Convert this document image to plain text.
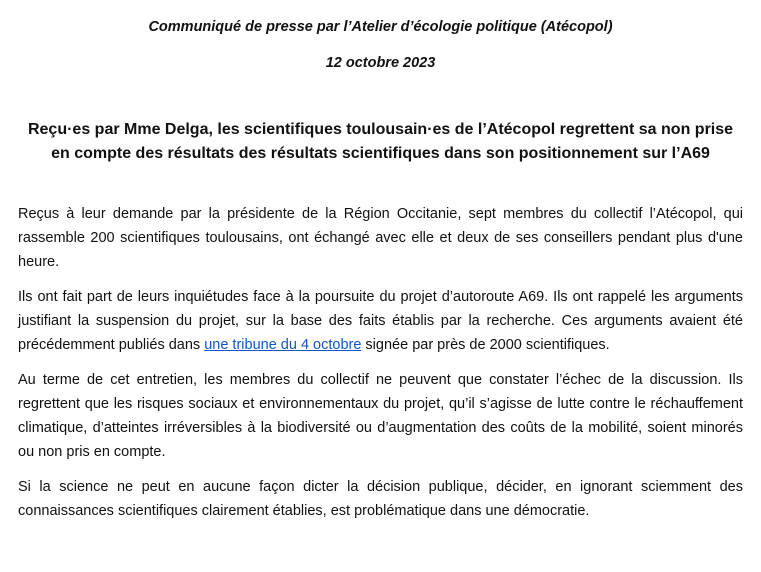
Communiqué de presse par l’Atelier d’écologie politique (Atécopol)

12 octobre 2023

Reçu·es par Mme Delga, les scientifiques toulousain·es de l’Atécopol regrettent sa non prise en compte des résultats des résultats scientifiques dans son positionnement sur l’A69

Reçus à leur demande par la présidente de la Région Occitanie, sept membres du collectif l’Atécopol, qui rassemble 200 scientifiques toulousains, ont échangé avec elle et deux de ses conseillers pendant plus d'une heure.

Ils ont fait part de leurs inquiétudes face à la poursuite du projet d’autoroute A69. Ils ont rappelé les arguments justifiant la suspension du projet, sur la base des faits établis par la recherche. Ces arguments avaient été précédemment publiés dans une tribune du 4 octobre signée par près de 2000 scientifiques.

Au terme de cet entretien, les membres du collectif ne peuvent que constater l’échec de la discussion. Ils regrettent que les risques sociaux et environnementaux du projet, qu’il s’agisse de lutte contre le réchauffement climatique, d’atteintes irréversibles à la biodiversité ou d’augmentation des coûts de la mobilité, soient minorés ou non pris en compte.

Si la science ne peut en aucune façon dicter la décision publique, décider, en ignorant sciemment des connaissances scientifiques clairement établies, est problématique dans une démocratie.
